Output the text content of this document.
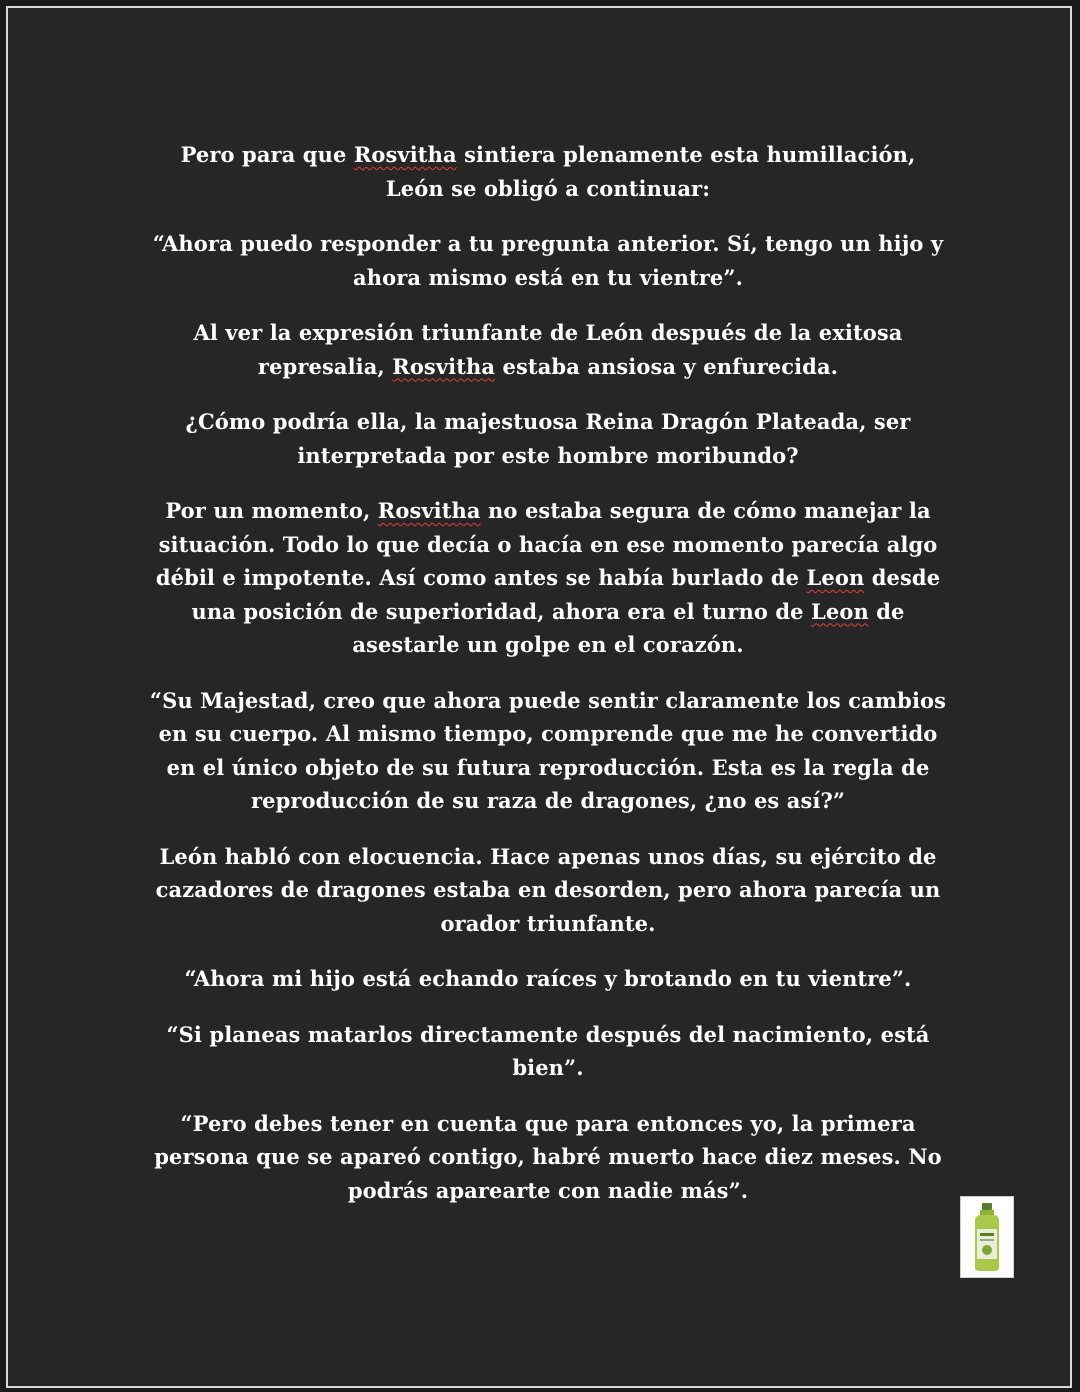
Pero para que Rosvitha sintiera plenamente esta humillación, León se obligó a continuar:

“Ahora puedo responder a tu pregunta anterior. Sí, tengo un hijo y ahora mismo está en tu vientre”.

Al ver la expresión triunfante de León después de la exitosa represalia, Rosvitha estaba ansiosa y enfurecida.

¿Cómo podría ella, la majestuosa Reina Dragón Plateada, ser interpretada por este hombre moribundo?

Por un momento, Rosvitha no estaba segura de cómo manejar la situación. Todo lo que decía o hacía en ese momento parecía algo débil e impotente. Así como antes se había burlado de Leon desde una posición de superioridad, ahora era el turno de Leon de asestarle un golpe en el corazón.

“Su Majestad, creo que ahora puede sentir claramente los cambios en su cuerpo. Al mismo tiempo, comprende que me he convertido en el único objeto de su futura reproducción. Esta es la regla de reproducción de su raza de dragones, ¿no es así?”

León habló con elocuencia. Hace apenas unos días, su ejército de cazadores de dragones estaba en desorden, pero ahora parecía un orador triunfante.

“Ahora mi hijo está echando raíces y brotando en tu vientre”.

“Si planeas matarlos directamente después del nacimiento, está bien”.

“Pero debes tener en cuenta que para entonces yo, la primera persona que se apareó contigo, habré muerto hace diez meses. No podrás aparearte con nadie más”.
